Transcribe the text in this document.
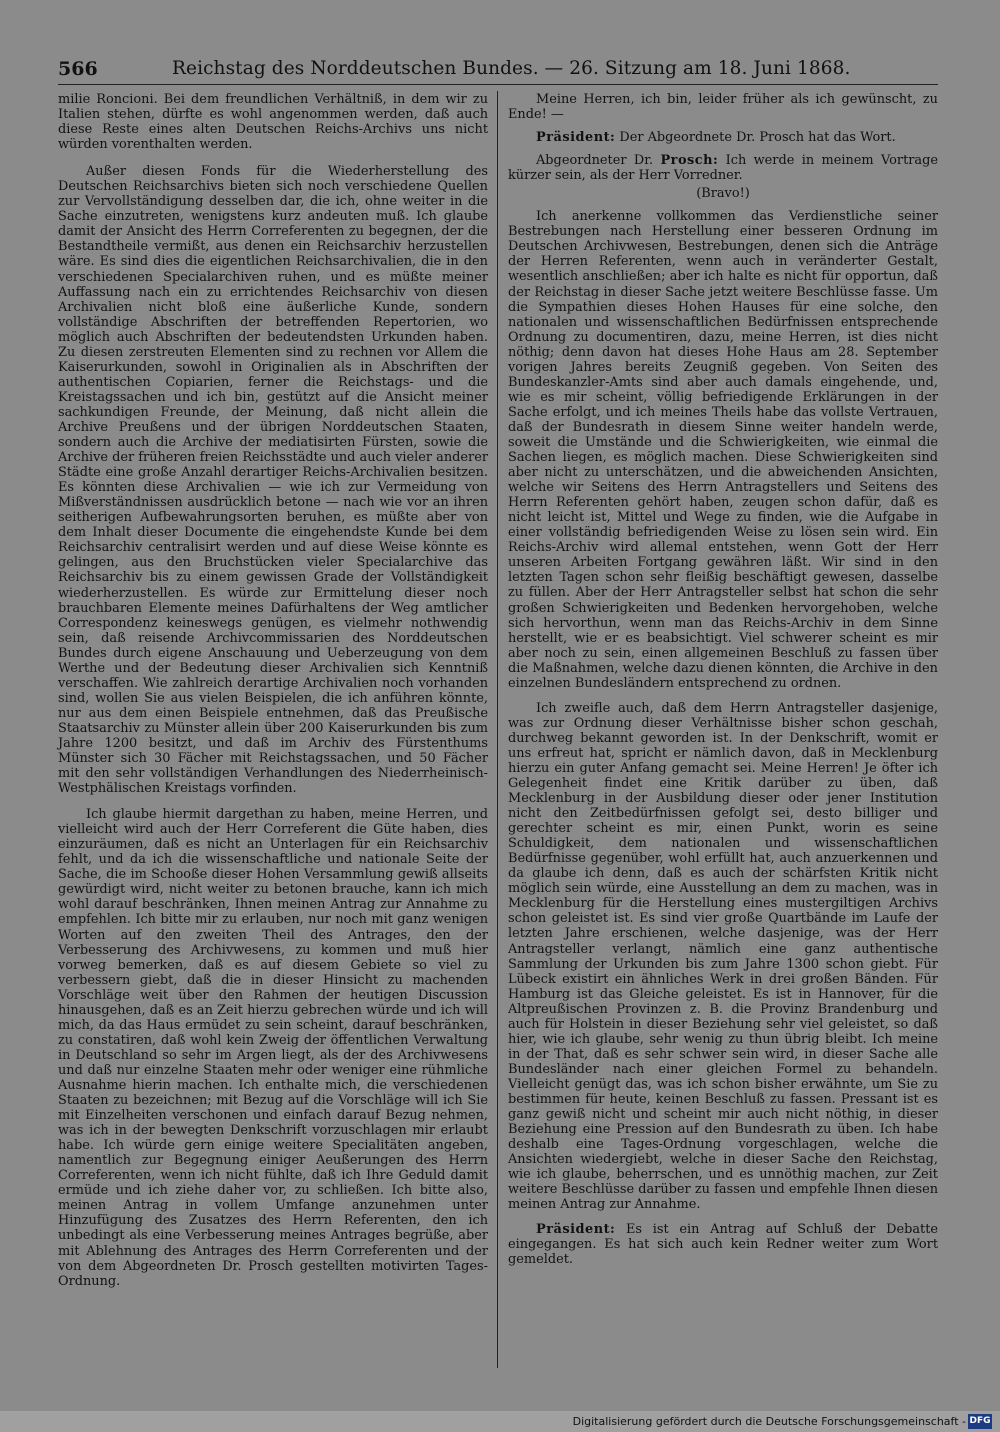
566	Reichstag des Norddeutschen Bundes. — 26. Sitzung am 18. Juni 1868.

milie Roncioni. Bei dem freundlichen Verhältniß, in dem wir zu Italien stehen, dürfte es wohl angenommen werden, daß auch diese Reste eines alten Deutschen Reichs-Archivs uns nicht würden vorenthalten werden.

Außer diesen Fonds für die Wiederherstellung des Deutschen Reichsarchivs bieten sich noch verschiedene Quellen zur Vervollständigung desselben dar, die ich, ohne weiter in die Sache einzutreten, wenigstens kurz andeuten muß. Ich glaube damit der Ansicht des Herrn Correferenten zu begegnen, der die Bestandtheile vermißt, aus denen ein Reichsarchiv herzustellen wäre. Es sind dies die eigentlichen Reichsarchivalien, die in den verschiedenen Specialarchiven ruhen, und es müßte meiner Auffassung nach ein zu errichtendes Reichsarchiv von diesen Archivalien nicht bloß eine äußerliche Kunde, sondern vollständige Abschriften der betreffenden Repertorien, wo möglich auch Abschriften der bedeutendsten Urkunden haben. Zu diesen zerstreuten Elementen sind zu rechnen vor Allem die Kaiserurkunden, sowohl in Originalien als in Abschriften der authentischen Copiarien, ferner die Reichstags- und die Kreistagssachen und ich bin, gestützt auf die Ansicht meiner sachkundigen Freunde, der Meinung, daß nicht allein die Archive Preußens und der übrigen Norddeutschen Staaten, sondern auch die Archive der mediatisirten Fürsten, sowie die Archive der früheren freien Reichsstädte und auch vieler anderer Städte eine große Anzahl derartiger Reichs-Archivalien besitzen. Es könnten diese Archivalien — wie ich zur Vermeidung von Mißverständnissen ausdrücklich betone — nach wie vor an ihren seitherigen Aufbewahrungsorten beruhen, es müßte aber von dem Inhalt dieser Documente die eingehendste Kunde bei dem Reichsarchiv centralisirt werden und auf diese Weise könnte es gelingen, aus den Bruchstücken vieler Specialarchive das Reichsarchiv bis zu einem gewissen Grade der Vollständigkeit wiederherzustellen. Es würde zur Ermittelung dieser noch brauchbaren Elemente meines Dafürhaltens der Weg amtlicher Correspondenz keineswegs genügen, es vielmehr nothwendig sein, daß reisende Archivcommissarien des Norddeutschen Bundes durch eigene Anschauung und Ueberzeugung von dem Werthe und der Bedeutung dieser Archivalien sich Kenntniß verschaffen. Wie zahlreich derartige Archivalien noch vorhanden sind, wollen Sie aus vielen Beispielen, die ich anführen könnte, nur aus dem einen Beispiele entnehmen, daß das Preußische Staatsarchiv zu Münster allein über 200 Kaiserurkunden bis zum Jahre 1200 besitzt, und daß im Archiv des Fürstenthums Münster sich 30 Fächer mit Reichstagssachen, und 50 Fächer mit den sehr vollständigen Verhandlungen des Niederrheinisch-Westphälischen Kreistags vorfinden.

Ich glaube hiermit dargethan zu haben, meine Herren, und vielleicht wird auch der Herr Correferent die Güte haben, dies einzuräumen, daß es nicht an Unterlagen für ein Reichsarchiv fehlt, und da ich die wissenschaftliche und nationale Seite der Sache, die im Schooße dieser Hohen Versammlung gewiß allseits gewürdigt wird, nicht weiter zu betonen brauche, kann ich mich wohl darauf beschränken, Ihnen meinen Antrag zur Annahme zu empfehlen. Ich bitte mir zu erlauben, nur noch mit ganz wenigen Worten auf den zweiten Theil des Antrages, den der Verbesserung des Archivwesens, zu kommen und muß hier vorweg bemerken, daß es auf diesem Gebiete so viel zu verbessern giebt, daß die in dieser Hinsicht zu machenden Vorschläge weit über den Rahmen der heutigen Discussion hinausgehen, daß es an Zeit hierzu gebrechen würde und ich will mich, da das Haus ermüdet zu sein scheint, darauf beschränken, zu constatiren, daß wohl kein Zweig der öffentlichen Verwaltung in Deutschland so sehr im Argen liegt, als der des Archivwesens und daß nur einzelne Staaten mehr oder weniger eine rühmliche Ausnahme hierin machen. Ich enthalte mich, die verschiedenen Staaten zu bezeichnen; mit Bezug auf die Vorschläge will ich Sie mit Einzelheiten verschonen und einfach darauf Bezug nehmen, was ich in der bewegten Denkschrift vorzuschlagen mir erlaubt habe. Ich würde gern einige weitere Specialitäten angeben, namentlich zur Begegnung einiger Aeußerungen des Herrn Correferenten, wenn ich nicht fühlte, daß ich Ihre Geduld damit ermüde und ich ziehe daher vor, zu schließen. Ich bitte also, meinen Antrag in vollem Umfange anzunehmen unter Hinzufügung des Zusatzes des Herrn Referenten, den ich unbedingt als eine Verbesserung meines Antrages begrüße, aber mit Ablehnung des Antrages des Herrn Correferenten und der von dem Abgeordneten Dr. Prosch gestellten motivirten Tages-Ordnung.

Meine Herren, ich bin, leider früher als ich gewünscht, zu Ende! —

Präsident: Der Abgeordnete Dr. Prosch hat das Wort.

Abgeordneter Dr. Prosch: Ich werde in meinem Vortrage kürzer sein, als der Herr Vorredner.

(Bravo!)

Ich anerkenne vollkommen das Verdienstliche seiner Bestrebungen nach Herstellung einer besseren Ordnung im Deutschen Archivwesen, Bestrebungen, denen sich die Anträge der Herren Referenten, wenn auch in veränderter Gestalt, wesentlich anschließen; aber ich halte es nicht für opportun, daß der Reichstag in dieser Sache jetzt weitere Beschlüsse fasse. Um die Sympathien dieses Hohen Hauses für eine solche, den nationalen und wissenschaftlichen Bedürfnissen entsprechende Ordnung zu documentiren, dazu, meine Herren, ist dies nicht nöthig; denn davon hat dieses Hohe Haus am 28. September vorigen Jahres bereits Zeugniß gegeben. Von Seiten des Bundeskanzler-Amts sind aber auch damals eingehende, und, wie es mir scheint, völlig befriedigende Erklärungen in der Sache erfolgt, und ich meines Theils habe das vollste Vertrauen, daß der Bundesrath in diesem Sinne weiter handeln werde, soweit die Umstände und die Schwierigkeiten, wie einmal die Sachen liegen, es möglich machen. Diese Schwierigkeiten sind aber nicht zu unterschätzen, und die abweichenden Ansichten, welche wir Seitens des Herrn Antragstellers und Seitens des Herrn Referenten gehört haben, zeugen schon dafür, daß es nicht leicht ist, Mittel und Wege zu finden, wie die Aufgabe in einer vollständig befriedigenden Weise zu lösen sein wird. Ein Reichs-Archiv wird allemal entstehen, wenn Gott der Herr unseren Arbeiten Fortgang gewähren läßt. Wir sind in den letzten Tagen schon sehr fleißig beschäftigt gewesen, dasselbe zu füllen. Aber der Herr Antragsteller selbst hat schon die sehr großen Schwierigkeiten und Bedenken hervorgehoben, welche sich hervorthun, wenn man das Reichs-Archiv in dem Sinne herstellt, wie er es beabsichtigt. Viel schwerer scheint es mir aber noch zu sein, einen allgemeinen Beschluß zu fassen über die Maßnahmen, welche dazu dienen könnten, die Archive in den einzelnen Bundesländern entsprechend zu ordnen.

Ich zweifle auch, daß dem Herrn Antragsteller dasjenige, was zur Ordnung dieser Verhältnisse bisher schon geschah, durchweg bekannt geworden ist. In der Denkschrift, womit er uns erfreut hat, spricht er nämlich davon, daß in Mecklenburg hierzu ein guter Anfang gemacht sei. Meine Herren! Je öfter ich Gelegenheit findet eine Kritik darüber zu üben, daß Mecklenburg in der Ausbildung dieser oder jener Institution nicht den Zeitbedürfnissen gefolgt sei, desto billiger und gerechter scheint es mir, einen Punkt, worin es seine Schuldigkeit, dem nationalen und wissenschaftlichen Bedürfnisse gegenüber, wohl erfüllt hat, auch anzuerkennen und da glaube ich denn, daß es auch der schärfsten Kritik nicht möglich sein würde, eine Ausstellung an dem zu machen, was in Mecklenburg für die Herstellung eines mustergiltigen Archivs schon geleistet ist. Es sind vier große Quartbände im Laufe der letzten Jahre erschienen, welche dasjenige, was der Herr Antragsteller verlangt, nämlich eine ganz authentische Sammlung der Urkunden bis zum Jahre 1300 schon giebt. Für Lübeck existirt ein ähnliches Werk in drei großen Bänden. Für Hamburg ist das Gleiche geleistet. Es ist in Hannover, für die Altpreußischen Provinzen z. B. die Provinz Brandenburg und auch für Holstein in dieser Beziehung sehr viel geleistet, so daß hier, wie ich glaube, sehr wenig zu thun übrig bleibt. Ich meine in der That, daß es sehr schwer sein wird, in dieser Sache alle Bundesländer nach einer gleichen Formel zu behandeln. Vielleicht genügt das, was ich schon bisher erwähnte, um Sie zu bestimmen für heute, keinen Beschluß zu fassen. Pressant ist es ganz gewiß nicht und scheint mir auch nicht nöthig, in dieser Beziehung eine Pression auf den Bundesrath zu üben. Ich habe deshalb eine Tages-Ordnung vorgeschlagen, welche die Ansichten wiedergiebt, welche in dieser Sache den Reichstag, wie ich glaube, beherrschen, und es unnöthig machen, zur Zeit weitere Beschlüsse darüber zu fassen und empfehle Ihnen diesen meinen Antrag zur Annahme.

Präsident: Es ist ein Antrag auf Schluß der Debatte eingegangen. Es hat sich auch kein Redner weiter zum Wort gemeldet.

Digitalisierung gefördert durch die Deutsche Forschungsgemeinschaft - DFG
